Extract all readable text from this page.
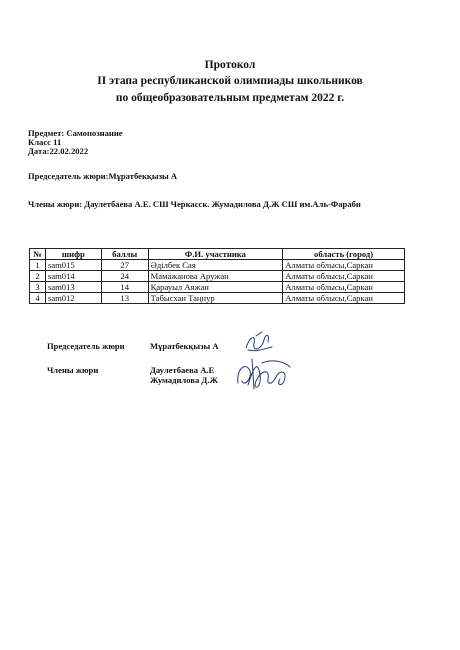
Протокол
II этапа республиканской олимпиады школьников
по общеобразовательным предметам 2022 г.
Предмет: Самопознание
Класс 11
Дата:22.02.2022
Председатель жюри:Мұратбекқызы А
Члены жюри: Даулетбаева А.Е. СШ Черкасск. Жумадилова Д.Ж СШ им.Аль-Фараби
№	шифр	баллы	Ф.И. участника	область (город)
1	sam015	27	Әділбек Сая	Алматы облысы,Саркан
2	sam014	24	Мамажанова Аружан	Алматы облысы,Саркан
3	sam013	14	Қарауыл Аяжан	Алматы облысы,Саркан
4	sam012	13	Табысхан Таңнур	Алматы облысы,Саркан
Председатель жюри	Мұратбекқызы А
Члены жюри	Даулетбаева А.Е
Жумадилова Д.Ж
